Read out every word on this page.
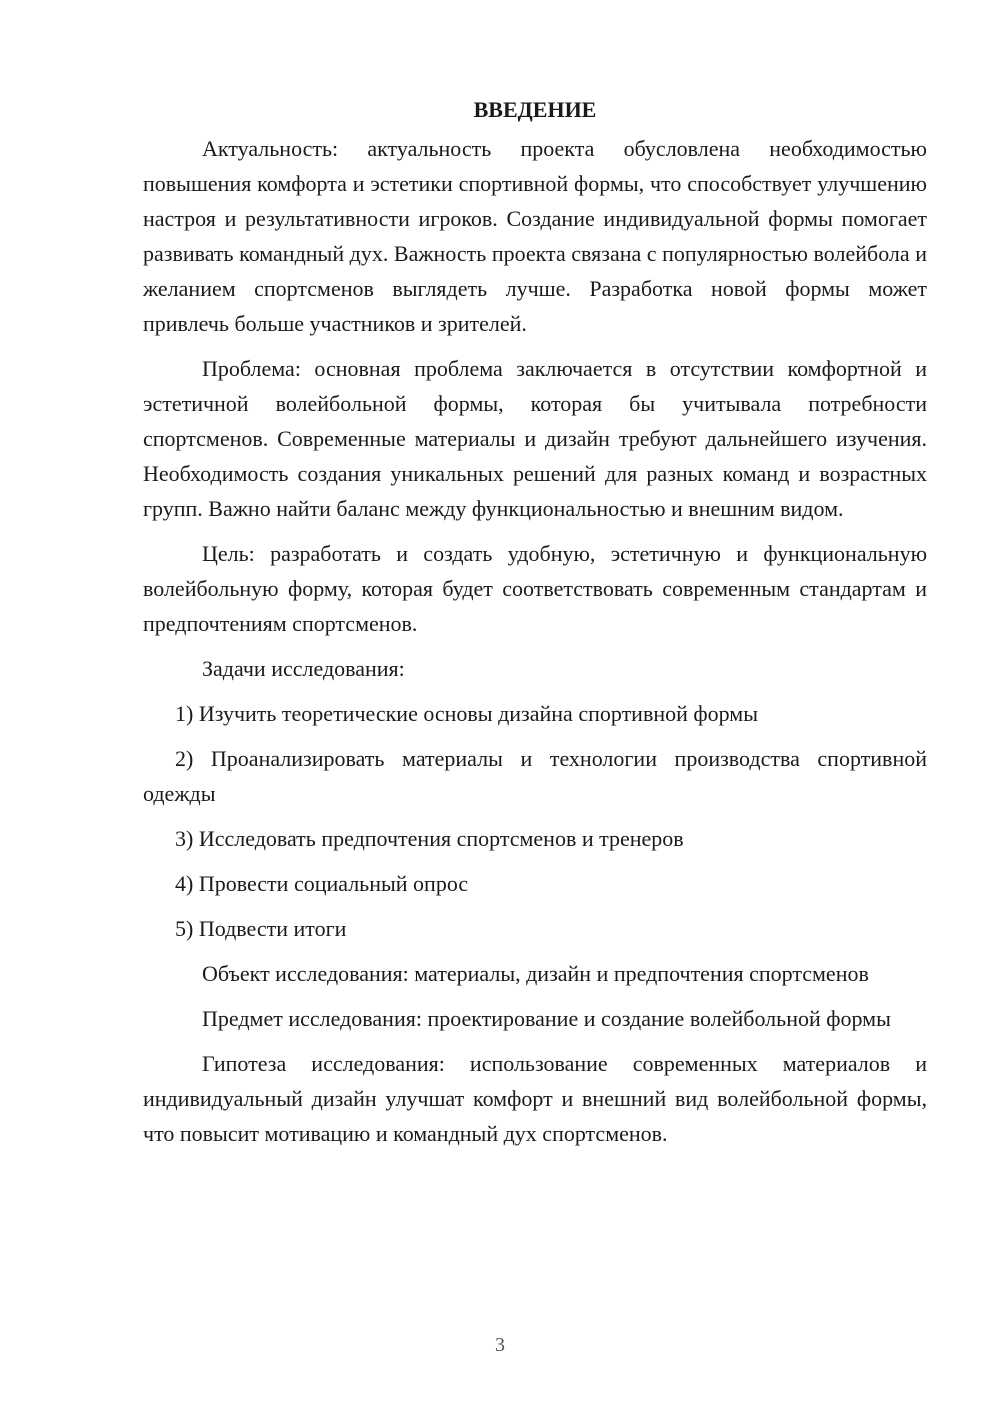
ВВЕДЕНИЕ

Актуальность: актуальность проекта обусловлена необходимостью повышения комфорта и эстетики спортивной формы, что способствует улучшению настроя и результативности игроков. Создание индивидуальной формы помогает развивать командный дух. Важность проекта связана с популярностью волейбола и желанием спортсменов выглядеть лучше. Разработка новой формы может привлечь больше участников и зрителей.

Проблема: основная проблема заключается в отсутствии комфортной и эстетичной волейбольной формы, которая бы учитывала потребности спортсменов. Современные материалы и дизайн требуют дальнейшего изучения. Необходимость создания уникальных решений для разных команд и возрастных групп. Важно найти баланс между функциональностью и внешним видом.

Цель: разработать и создать удобную, эстетичную и функциональную волейбольную форму, которая будет соответствовать современным стандартам и предпочтениям спортсменов.

Задачи исследования:

1) Изучить теоретические основы дизайна спортивной формы

2) Проанализировать материалы и технологии производства спортивной одежды

3) Исследовать предпочтения спортсменов и тренеров

4) Провести социальный опрос

5) Подвести итоги

Объект исследования: материалы, дизайн и предпочтения спортсменов

Предмет исследования: проектирование и создание волейбольной формы

Гипотеза исследования: использование современных материалов и индивидуальный дизайн улучшат комфорт и внешний вид волейбольной формы, что повысит мотивацию и командный дух спортсменов.

3
